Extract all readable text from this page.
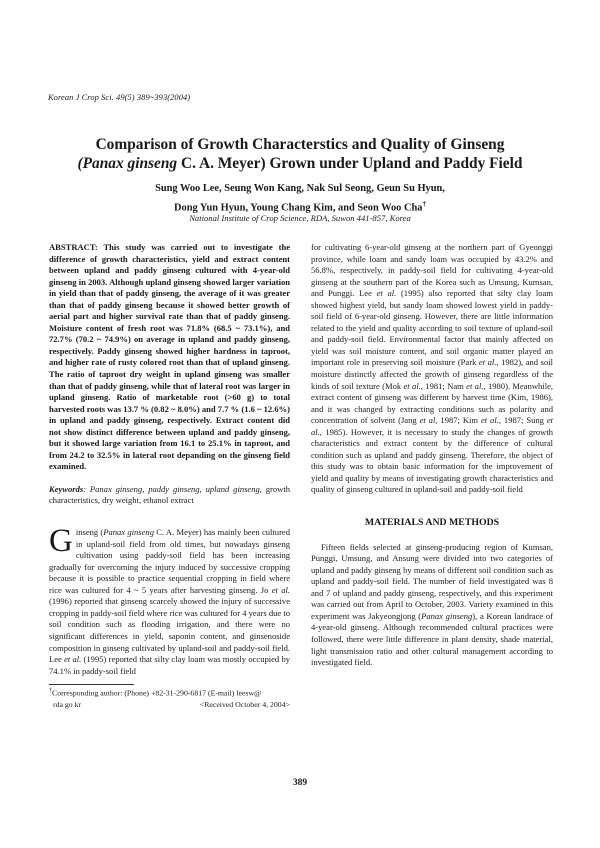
Korean J Crop Sci. 49(5) 389~393(2004)
Comparison of Growth Characterstics and Quality of Ginseng
(Panax ginseng C. A. Meyer) Grown under Upland and Paddy Field
Sung Woo Lee, Seung Won Kang, Nak Sul Seong, Geun Su Hyun,
Dong Yun Hyun, Young Chang Kim, and Seon Woo Cha†
National Institute of Crop Science, RDA, Suwon 441-857, Korea

ABSTRACT: This study was carried out to investigate the difference of growth characteristics, yield and extract content between upland and paddy ginseng cultured with 4-year-old ginseng in 2003. Although upland ginseng showed larger variation in yield than that of paddy ginseng, the average of it was greater than that of paddy ginseng because it showed better growth of aerial part and higher survival rate than that of paddy ginseng. Moisture content of fresh root was 71.8% (68.5 ~ 73.1%), and 72.7% (70.2 ~ 74.9%) on average in upland and paddy ginseng, respectively. Paddy ginseng showed higher hardness in taproot, and higher rate of rusty colored root than that of upland ginseng. The ratio of taproot dry weight in upland ginseng was smaller than that of paddy ginseng, while that of lateral root was larger in upland ginseng. Ratio of marketable root (>60 g) to total harvested roots was 13.7 % (0.82 ~ 8.0%) and 7.7 % (1.6 ~ 12.6%) in upland and paddy ginseng, respectively. Extract content did not show distinct difference between upland and paddy ginseng, but it showed large variation from 16.1 to 25.1% in taproot, and from 24.2 to 32.5% in lateral root depanding on the ginseng field examined.

Keywords: Panax ginseng, paddy ginseng, upland ginseng, growth characteristics, dry weight, ethanol extract

Ginseng (Panax ginseng C. A. Meyer) has mainly been cultured in upland-soil field from old times, but nowadays ginseng cultivation using paddy-soil field has been increasing gradually for overcoming the injury induced by successive cropping because it is possible to practice sequential cropping in field where rice was cultured for 4 ~ 5 years after harvesting ginseng. Jo et al. (1996) reported that ginseng scarcely showed the injury of successive cropping in paddy-soil field where rice was cultured for 4 years due to soil condition such as flooding irrigation, and there were no significant differences in yield, saponin content, and ginsenoside composition in ginseng cultivated by upland-soil and paddy-soil field. Lee et al. (1995) reported that silty clay loam was mostly occupied by 74.1% in paddy-soil field

†Corresponding author: (Phone) +82-31-290-6817 (E-mail) leesw@
rda go kr	<Received October 4, 2004>

for cultivating 6-year-old ginseng at the northern part of Gyeonggi province, while loam and sandy loam was occupied by 43.2% and 56.8%, respectively, in paddy-soil field for cultivating 4-year-old ginseng at the southern part of the Korea such as Umsung, Kumsan, and Punggi. Lee et al. (1995) also reported that silty clay loam showed highest yield, but sandy loam showed lowest yield in paddy-soil field of 6-year-old ginseng. However, there are little information related to the yield and quality according to soil texture of upland-soil and paddy-soil field. Environmental factor that mainly affected on yield was soil moisture content, and soil organic matter played an important role in preserving soil moisture (Park et al., 1982), and soil moisture distinctly affected the growth of ginseng regardless of the kinds of soil texture (Mok et al., 1981; Nam et al., 1980). Meanwhile, extract content of ginseng was different by harvest time (Kim, 1986), and it was changed by extracting conditions such as polarity and concentration of solvent (Jang et al, 1987; Kim et al., 1987; Sung et al., 1985). However, it is necessary to study the changes of growth characteristics and extract content by the difference of cultural condition such as upland and paddy ginseng. Therefore, the object of this study was to obtain basic information for the improvement of yield and quality by means of investigating growth characteristics and quality of ginseng cultured in upland-soil and paddy-soil field

MATERIALS AND METHODS

Fifteen fields selected at ginseng-producing region of Kumsan, Punggi, Umsung, and Ansung were divided into two categories of upland and paddy ginseng by means of different soil condition such as upland and paddy-soil field. The number of field investigated was 8 and 7 of upland and paddy ginseng, respectively, and this experiment was carried out from April to October, 2003. Variety examined in this experiment was Jakyeongjong (Panax ginseng), a Korean landrace of 4-year-old ginseng. Although recommended cultural practices were followed, there were little difference in plant density, shade material, light transmission ratio and other cultural management according to investigated field.

389
